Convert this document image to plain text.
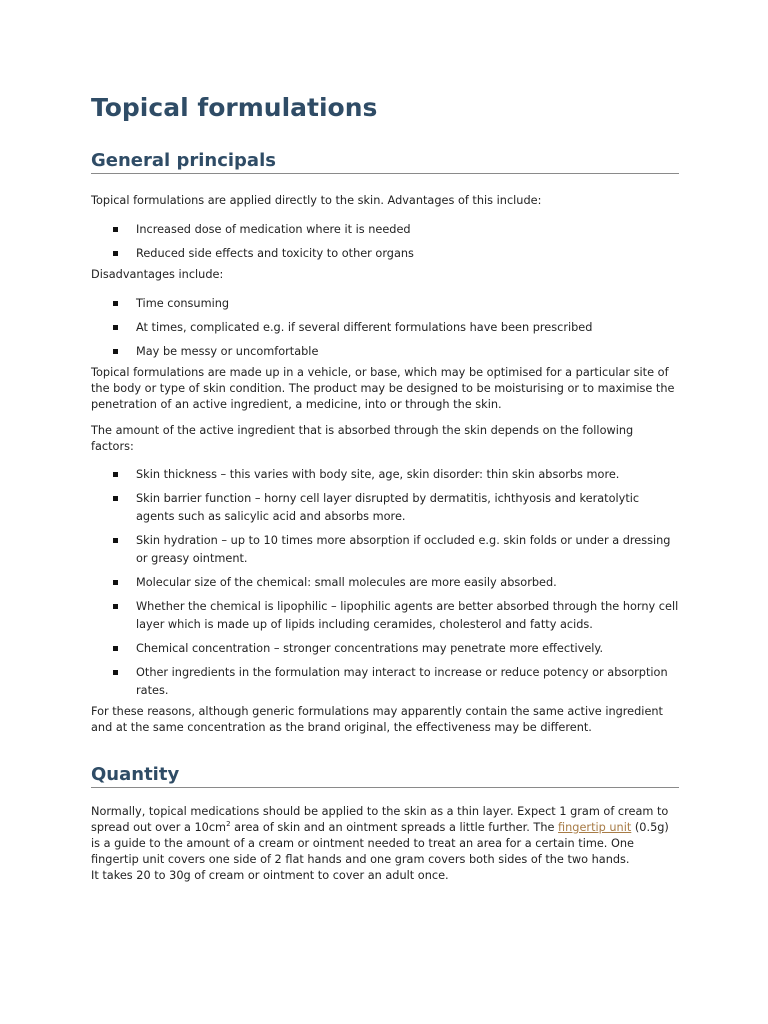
Topical formulations
General principals

Topical formulations are applied directly to the skin. Advantages of this include:

Increased dose of medication where it is needed
Reduced side effects and toxicity to other organs

Disadvantages include:

Time consuming
At times, complicated e.g. if several different formulations have been prescribed
May be messy or uncomfortable

Topical formulations are made up in a vehicle, or base, which may be optimised for a particular site of the body or type of skin condition. The product may be designed to be moisturising or to maximise the penetration of an active ingredient, a medicine, into or through the skin.

The amount of the active ingredient that is absorbed through the skin depends on the following factors:

Skin thickness – this varies with body site, age, skin disorder: thin skin absorbs more.
Skin barrier function – horny cell layer disrupted by dermatitis, ichthyosis and keratolytic agents such as salicylic acid and absorbs more.
Skin hydration – up to 10 times more absorption if occluded e.g. skin folds or under a dressing or greasy ointment.
Molecular size of the chemical: small molecules are more easily absorbed.
Whether the chemical is lipophilic – lipophilic agents are better absorbed through the horny cell layer which is made up of lipids including ceramides, cholesterol and fatty acids.
Chemical concentration – stronger concentrations may penetrate more effectively.
Other ingredients in the formulation may interact to increase or reduce potency or absorption rates.

For these reasons, although generic formulations may apparently contain the same active ingredient and at the same concentration as the brand original, the effectiveness may be different.

Quantity

Normally, topical medications should be applied to the skin as a thin layer. Expect 1 gram of cream to spread out over a $10cm^2$ area of skin and an ointment spreads a little further. The fingertip unit (0.5g) is a guide to the amount of a cream or ointment needed to treat an area for a certain time. One fingertip unit covers one side of 2 flat hands and one gram covers both sides of the two hands.
It takes 20 to 30g of cream or ointment to cover an adult once.
